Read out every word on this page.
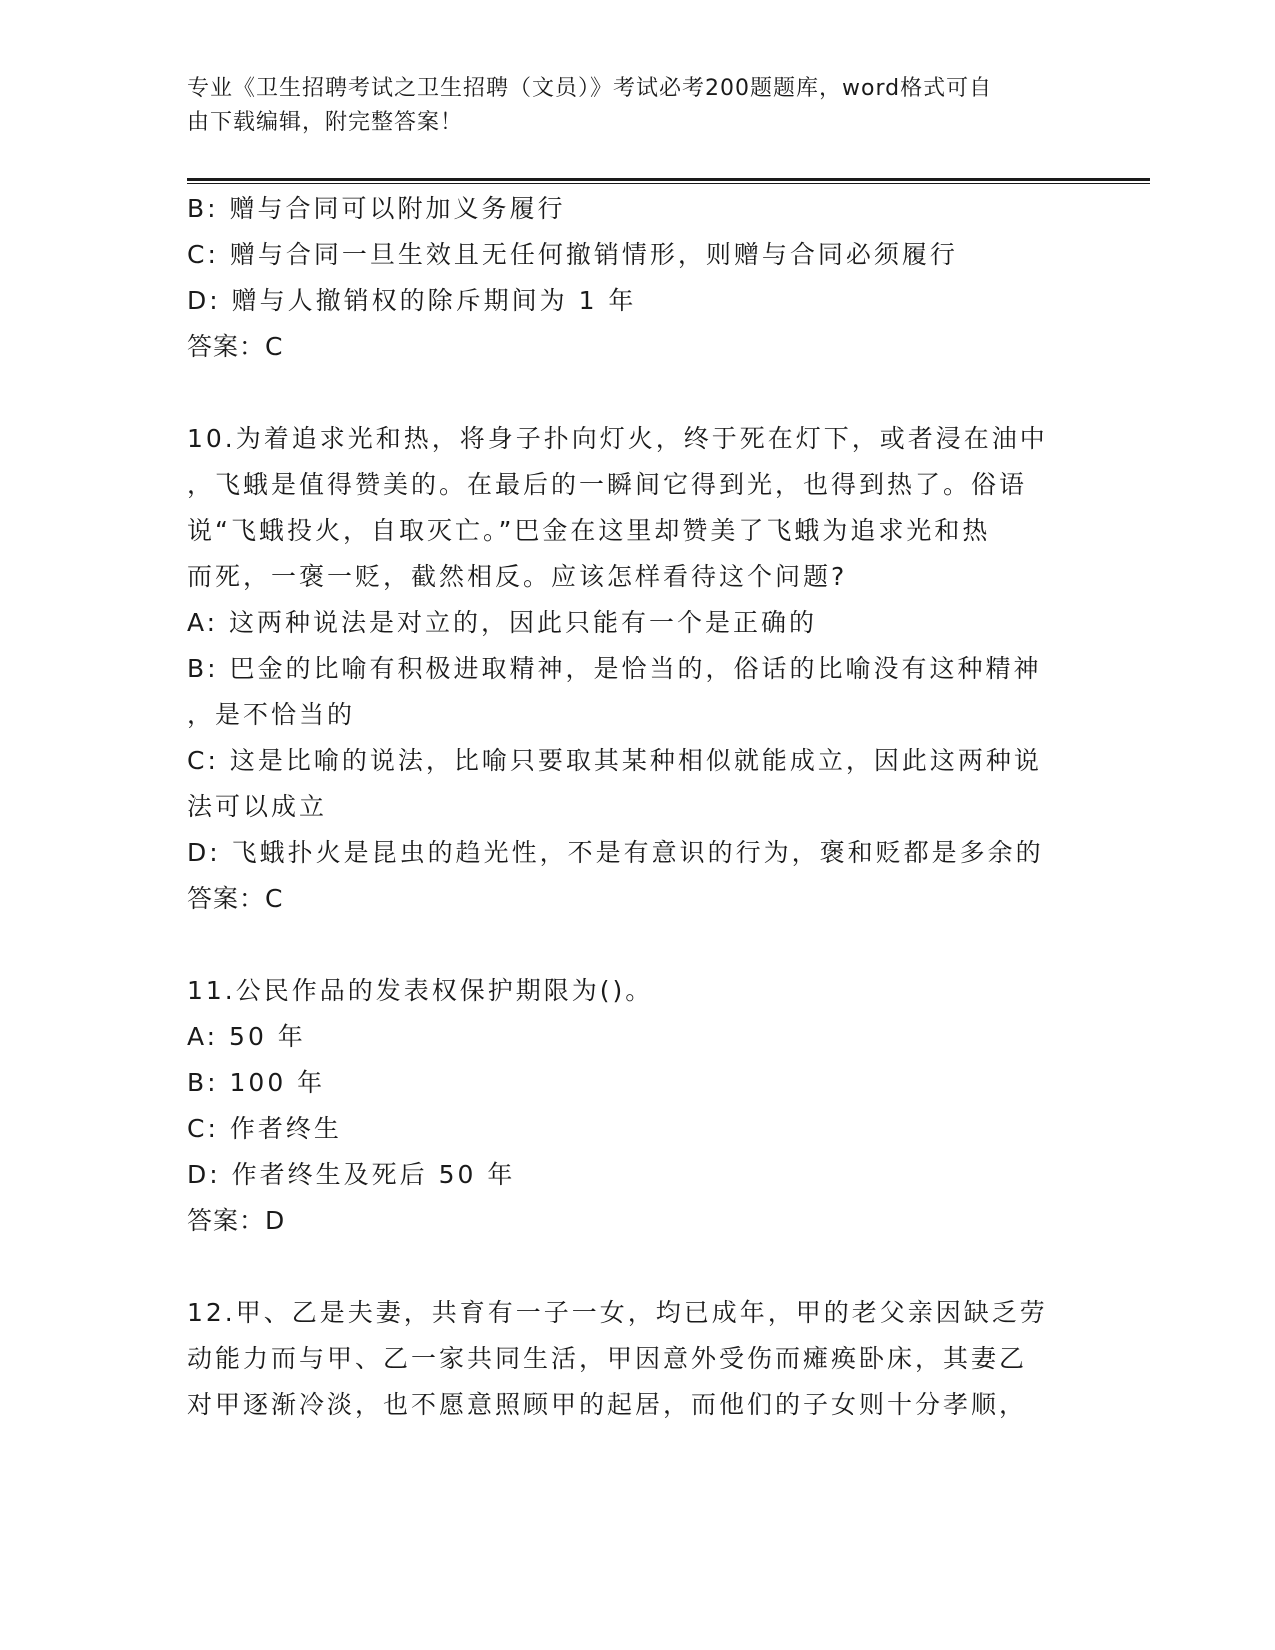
专业《卫生招聘考试之卫生招聘（文员）》考试必考200题题库，word格式可自
由下载编辑，附完整答案！
B: 赠与合同可以附加义务履行
C: 赠与合同一旦生效且无任何撤销情形，则赠与合同必须履行
D: 赠与人撤销权的除斥期间为 1 年
答案：C
10.为着追求光和热，将身子扑向灯火，终于死在灯下，或者浸在油中
，飞蛾是值得赞美的。在最后的一瞬间它得到光，也得到热了。俗语
说“飞蛾投火，自取灭亡。”巴金在这里却赞美了飞蛾为追求光和热
而死，一褒一贬，截然相反。应该怎样看待这个问题?
A: 这两种说法是对立的，因此只能有一个是正确的
B: 巴金的比喻有积极进取精神，是恰当的，俗话的比喻没有这种精神
，是不恰当的
C: 这是比喻的说法，比喻只要取其某种相似就能成立，因此这两种说
法可以成立
D: 飞蛾扑火是昆虫的趋光性，不是有意识的行为，褒和贬都是多余的
答案：C
11.公民作品的发表权保护期限为()。
A: 50 年
B: 100 年
C: 作者终生
D: 作者终生及死后 50 年
答案：D
12.甲、乙是夫妻，共育有一子一女，均已成年，甲的老父亲因缺乏劳
动能力而与甲、乙一家共同生活，甲因意外受伤而瘫痪卧床，其妻乙
对甲逐渐冷淡，也不愿意照顾甲的起居，而他们的子女则十分孝顺，
